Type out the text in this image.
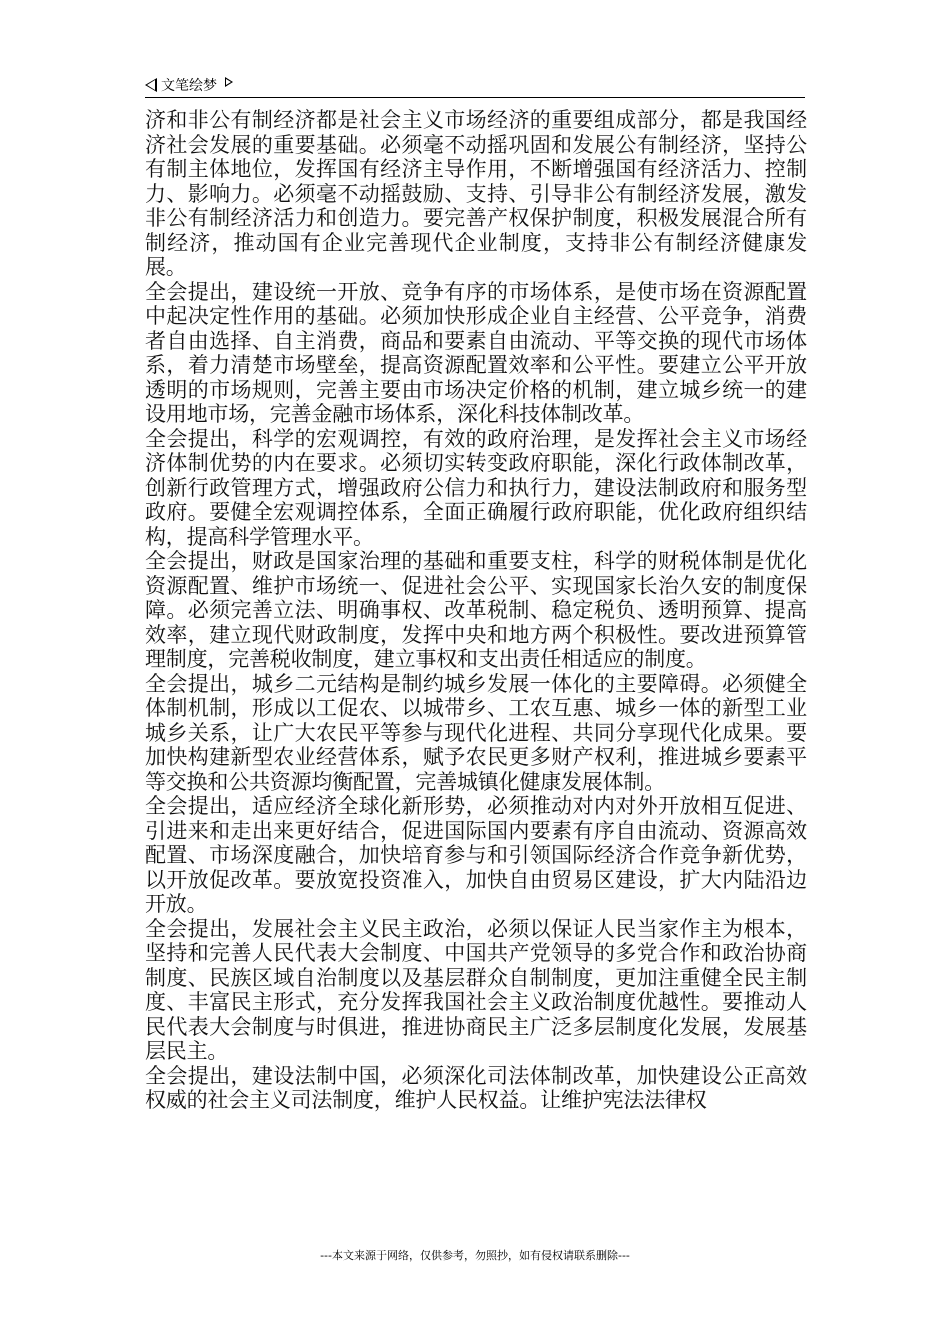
文笔绘梦

济和非公有制经济都是社会主义市场经济的重要组成部分，都是我国经济社会发展的重要基础。必须毫不动摇巩固和发展公有制经济，坚持公有制主体地位，发挥国有经济主导作用，不断增强国有经济活力、控制力、影响力。必须毫不动摇鼓励、支持、引导非公有制经济发展，激发非公有制经济活力和创造力。要完善产权保护制度，积极发展混合所有制经济，推动国有企业完善现代企业制度，支持非公有制经济健康发展。

全会提出，建设统一开放、竞争有序的市场体系，是使市场在资源配置中起决定性作用的基础。必须加快形成企业自主经营、公平竞争，消费者自由选择、自主消费，商品和要素自由流动、平等交换的现代市场体系，着力清楚市场壁垒，提高资源配置效率和公平性。要建立公平开放透明的市场规则，完善主要由市场决定价格的机制，建立城乡统一的建设用地市场，完善金融市场体系，深化科技体制改革。

全会提出，科学的宏观调控，有效的政府治理，是发挥社会主义市场经济体制优势的内在要求。必须切实转变政府职能，深化行政体制改革，创新行政管理方式，增强政府公信力和执行力，建设法制政府和服务型政府。要健全宏观调控体系，全面正确履行政府职能，优化政府组织结构，提高科学管理水平。

全会提出，财政是国家治理的基础和重要支柱，科学的财税体制是优化资源配置、维护市场统一、促进社会公平、实现国家长治久安的制度保障。必须完善立法、明确事权、改革税制、稳定税负、透明预算、提高效率，建立现代财政制度，发挥中央和地方两个积极性。要改进预算管理制度，完善税收制度，建立事权和支出责任相适应的制度。

全会提出，城乡二元结构是制约城乡发展一体化的主要障碍。必须健全体制机制，形成以工促农、以城带乡、工农互惠、城乡一体的新型工业城乡关系，让广大农民平等参与现代化进程、共同分享现代化成果。要加快构建新型农业经营体系，赋予农民更多财产权利，推进城乡要素平等交换和公共资源均衡配置，完善城镇化健康发展体制。

全会提出，适应经济全球化新形势，必须推动对内对外开放相互促进、引进来和走出来更好结合，促进国际国内要素有序自由流动、资源高效配置、市场深度融合，加快培育参与和引领国际经济合作竞争新优势，以开放促改革。要放宽投资准入，加快自由贸易区建设，扩大内陆沿边开放。

全会提出，发展社会主义民主政治，必须以保证人民当家作主为根本，坚持和完善人民代表大会制度、中国共产党领导的多党合作和政治协商制度、民族区域自治制度以及基层群众自制制度，更加注重健全民主制度、丰富民主形式，充分发挥我国社会主义政治制度优越性。要推动人民代表大会制度与时俱进，推进协商民主广泛多层制度化发展，发展基层民主。

全会提出，建设法制中国，必须深化司法体制改革，加快建设公正高效权威的社会主义司法制度，维护人民权益。让维护宪法法律权

---本文来源于网络，仅供参考，勿照抄，如有侵权请联系删除---
